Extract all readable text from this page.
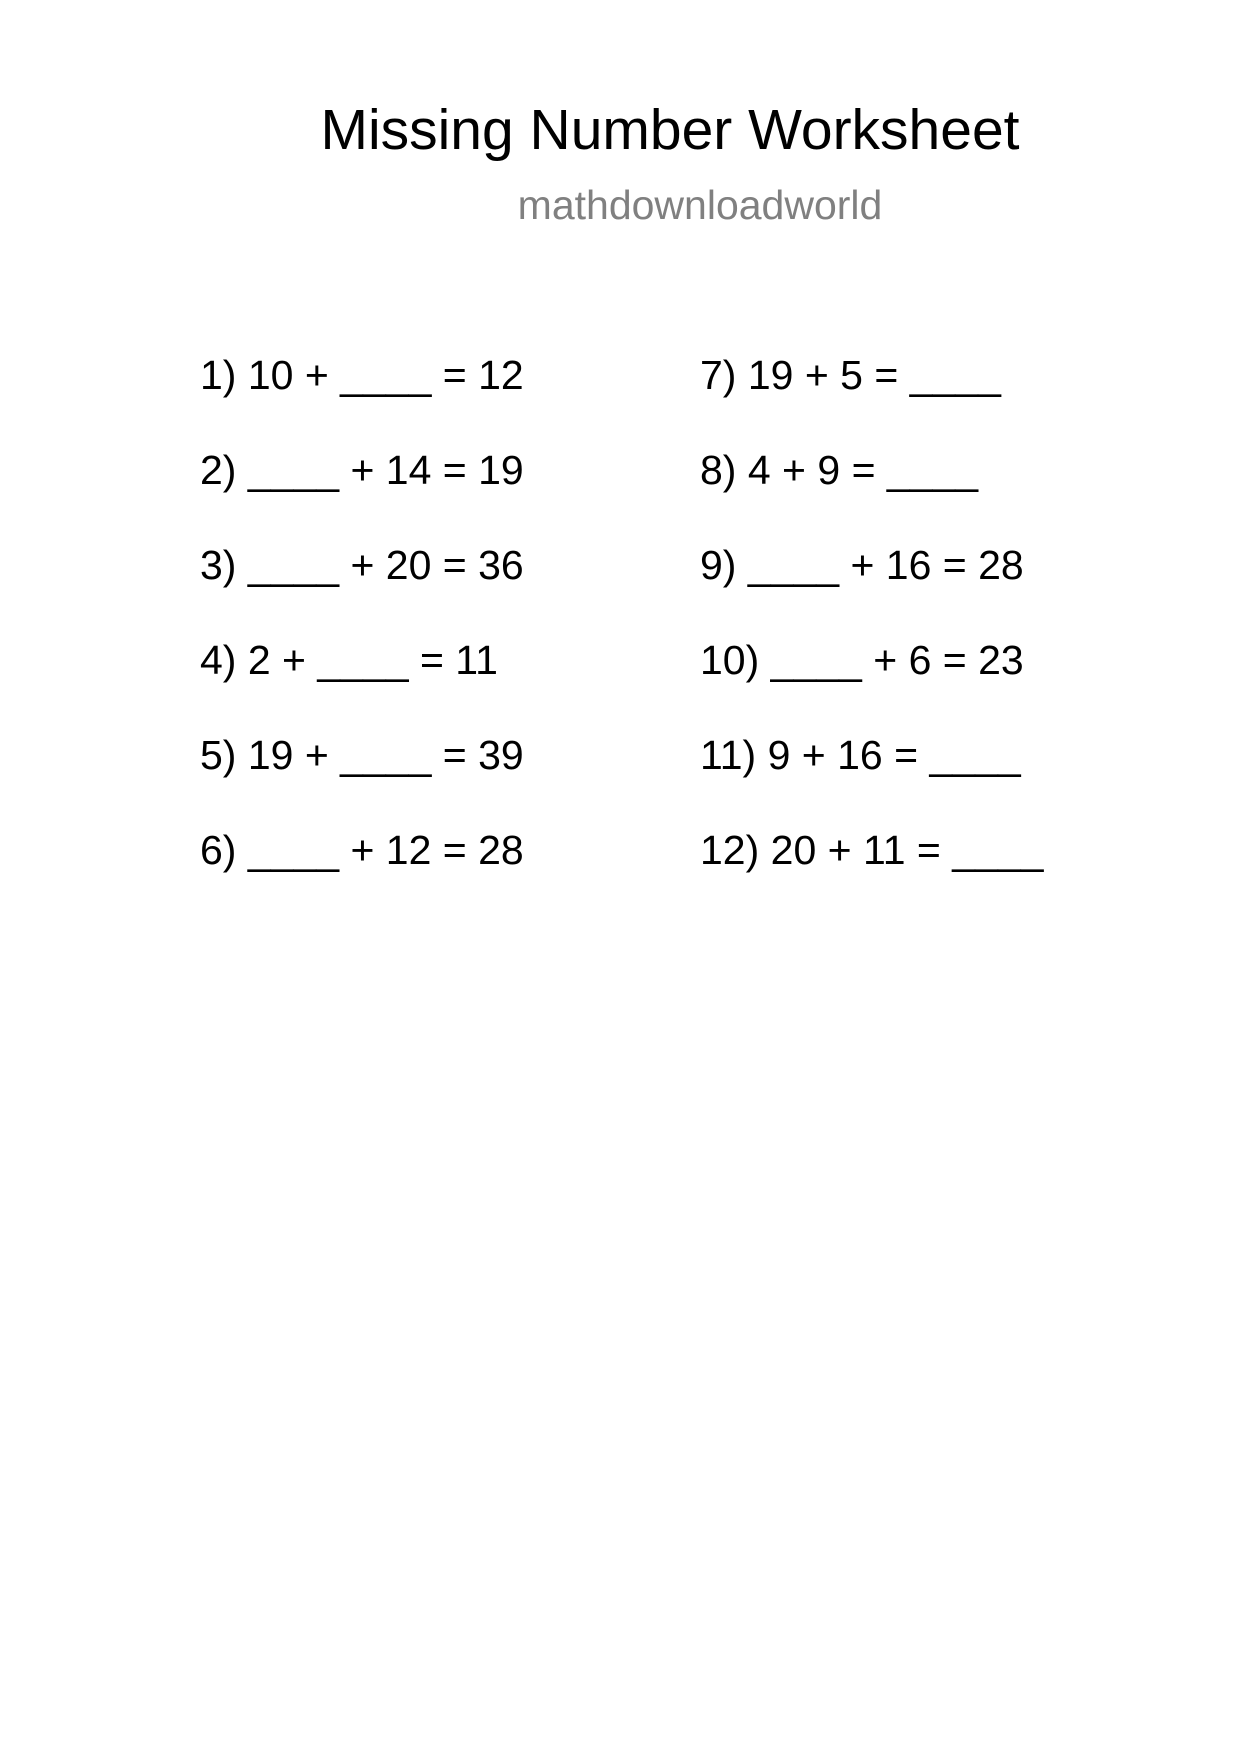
Missing Number Worksheet
mathdownloadworld
1) 10 + ____ = 12
2) ____ + 14 = 19
3) ____ + 20 = 36
4) 2 + ____ = 11
5) 19 + ____ = 39
6) ____ + 12 = 28
7) 19 + 5 = ____
8) 4 + 9 = ____
9) ____ + 16 = 28
10) ____ + 6 = 23
11) 9 + 16 = ____
12) 20 + 11 = ____
